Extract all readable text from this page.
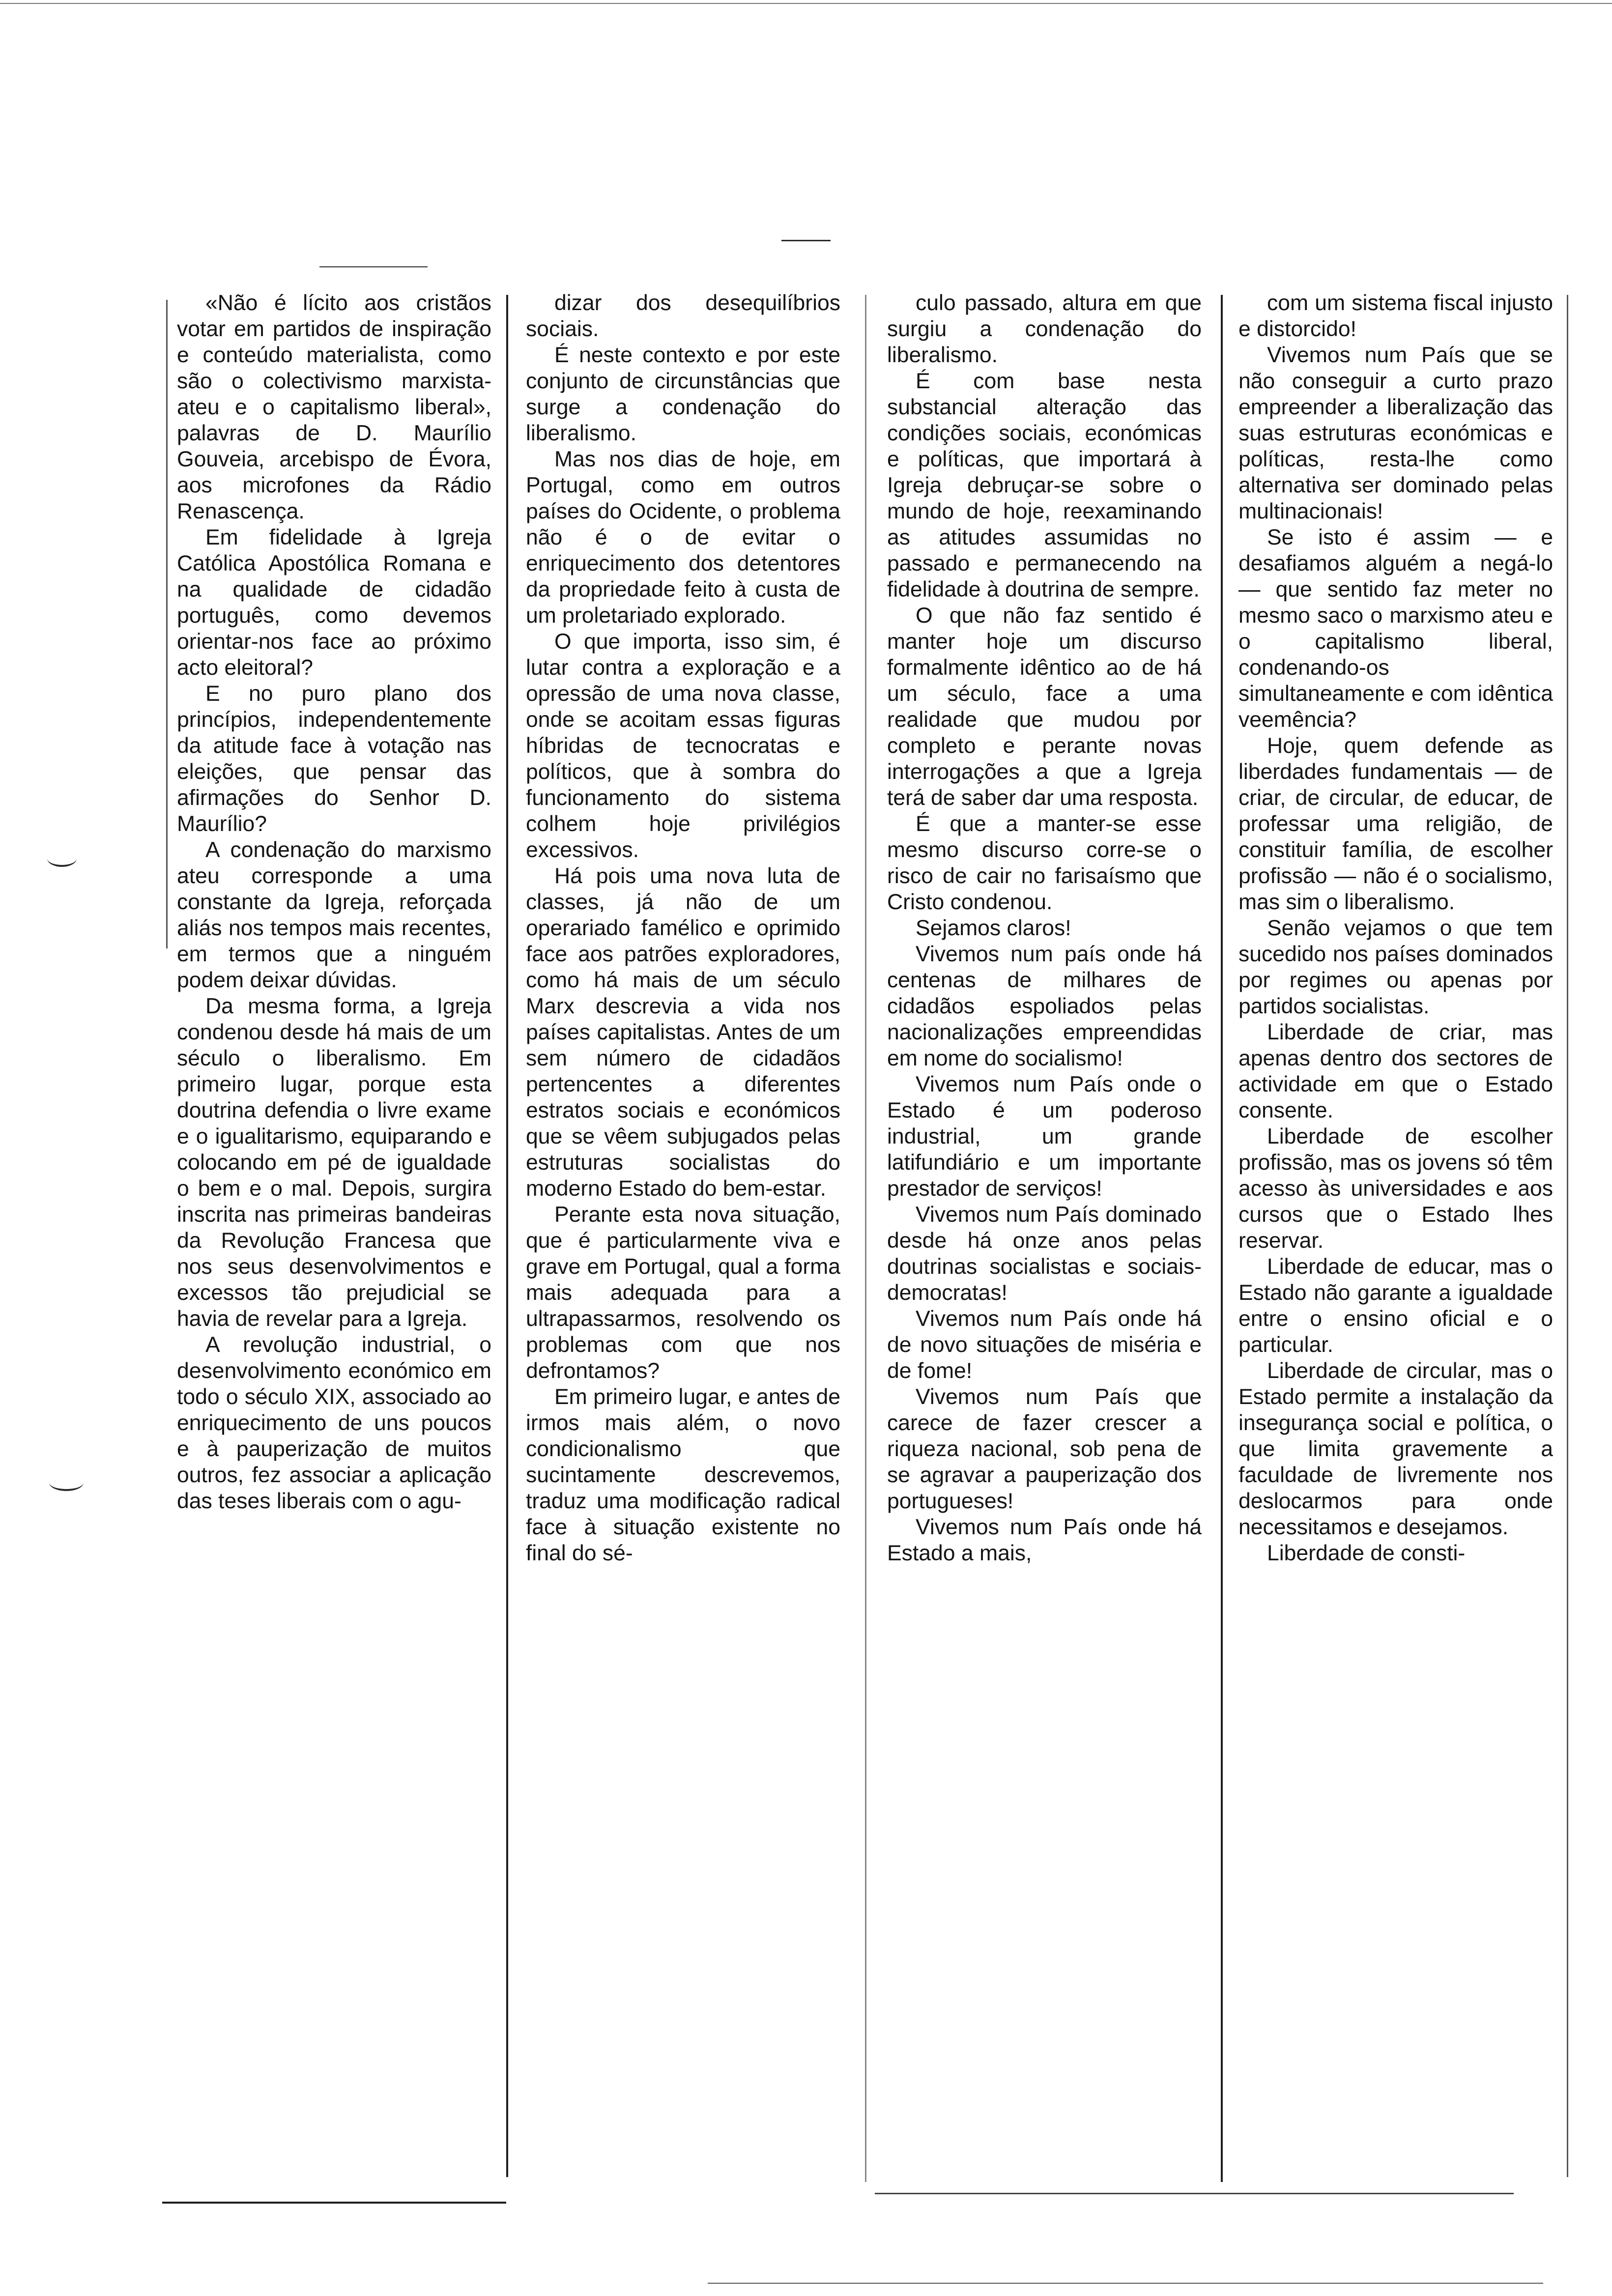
«Não é lícito aos cristãos votar em partidos de inspiração e conteúdo materialista, como são o colectivismo marxista-ateu e o capitalismo liberal», palavras de D. Maurílio Gouveia, arcebispo de Évora, aos microfones da Rádio Renascença.

Em fidelidade à Igreja Católica Apostólica Romana e na qualidade de cidadão português, como devemos orientar-nos face ao próximo acto eleitoral?

E no puro plano dos princípios, independentemente da atitude face à votação nas eleições, que pensar das afirmações do Senhor D. Maurílio?

A condenação do marxismo ateu corresponde a uma constante da Igreja, reforçada aliás nos tempos mais recentes, em termos que a ninguém podem deixar dúvidas.

Da mesma forma, a Igreja condenou desde há mais de um século o liberalismo. Em primeiro lugar, porque esta doutrina defendia o livre exame e o igualitarismo, equiparando e colocando em pé de igualdade o bem e o mal. Depois, surgira inscrita nas primeiras bandeiras da Revolução Francesa que nos seus desenvolvimentos e excessos tão prejudicial se havia de revelar para a Igreja.

A revolução industrial, o desenvolvimento económico em todo o século XIX, associado ao enriquecimento de uns poucos e à pauperização de muitos outros, fez associar a aplicação das teses liberais com o agu-

dizar dos desequilíbrios sociais.

É neste contexto e por este conjunto de circunstâncias que surge a condenação do liberalismo.

Mas nos dias de hoje, em Portugal, como em outros países do Ocidente, o problema não é o de evitar o enriquecimento dos detentores da propriedade feito à custa de um proletariado explorado.

O que importa, isso sim, é lutar contra a exploração e a opressão de uma nova classe, onde se acoitam essas figuras híbridas de tecnocratas e políticos, que à sombra do funcionamento do sistema colhem hoje privilégios excessivos.

Há pois uma nova luta de classes, já não de um operariado famélico e oprimido face aos patrões exploradores, como há mais de um século Marx descrevia a vida nos países capitalistas. Antes de um sem número de cidadãos pertencentes a diferentes estratos sociais e económicos que se vêem subjugados pelas estruturas socialistas do moderno Estado do bem-estar.

Perante esta nova situação, que é particularmente viva e grave em Portugal, qual a forma mais adequada para a ultrapassarmos, resolvendo os problemas com que nos defrontamos?

Em primeiro lugar, e antes de irmos mais além, o novo condicionalismo que sucintamente descrevemos, traduz uma modificação radical face à situação existente no final do sé-

culo passado, altura em que surgiu a condenação do liberalismo.

É com base nesta substancial alteração das condições sociais, económicas e políticas, que importará à Igreja debruçar-se sobre o mundo de hoje, reexaminando as atitudes assumidas no passado e permanecendo na fidelidade à doutrina de sempre.

O que não faz sentido é manter hoje um discurso formalmente idêntico ao de há um século, face a uma realidade que mudou por completo e perante novas interrogações a que a Igreja terá de saber dar uma resposta.

É que a manter-se esse mesmo discurso corre-se o risco de cair no farisaísmo que Cristo condenou.

Sejamos claros!

Vivemos num país onde há centenas de milhares de cidadãos espoliados pelas nacionalizações empreendidas em nome do socialismo!

Vivemos num País onde o Estado é um poderoso industrial, um grande latifundiário e um importante prestador de serviços!

Vivemos num País dominado desde há onze anos pelas doutrinas socialistas e sociais-democratas!

Vivemos num País onde há de novo situações de miséria e de fome!

Vivemos num País que carece de fazer crescer a riqueza nacional, sob pena de se agravar a pauperização dos portugueses!

Vivemos num País onde há Estado a mais,

com um sistema fiscal injusto e distorcido!

Vivemos num País que se não conseguir a curto prazo empreender a liberalização das suas estruturas económicas e políticas, resta-lhe como alternativa ser dominado pelas multinacionais!

Se isto é assim — e desafiamos alguém a negá-lo — que sentido faz meter no mesmo saco o marxismo ateu e o capitalismo liberal, condenando-os simultaneamente e com idêntica veemência?

Hoje, quem defende as liberdades fundamentais — de criar, de circular, de educar, de professar uma religião, de constituir família, de escolher profissão — não é o socialismo, mas sim o liberalismo.

Senão vejamos o que tem sucedido nos países dominados por regimes ou apenas por partidos socialistas.

Liberdade de criar, mas apenas dentro dos sectores de actividade em que o Estado consente.

Liberdade de escolher profissão, mas os jovens só têm acesso às universidades e aos cursos que o Estado lhes reservar.

Liberdade de educar, mas o Estado não garante a igualdade entre o ensino oficial e o particular.

Liberdade de circular, mas o Estado permite a instalação da insegurança social e política, o que limita gravemente a faculdade de livremente nos deslocarmos para onde necessitamos e desejamos.

Liberdade de consti-
